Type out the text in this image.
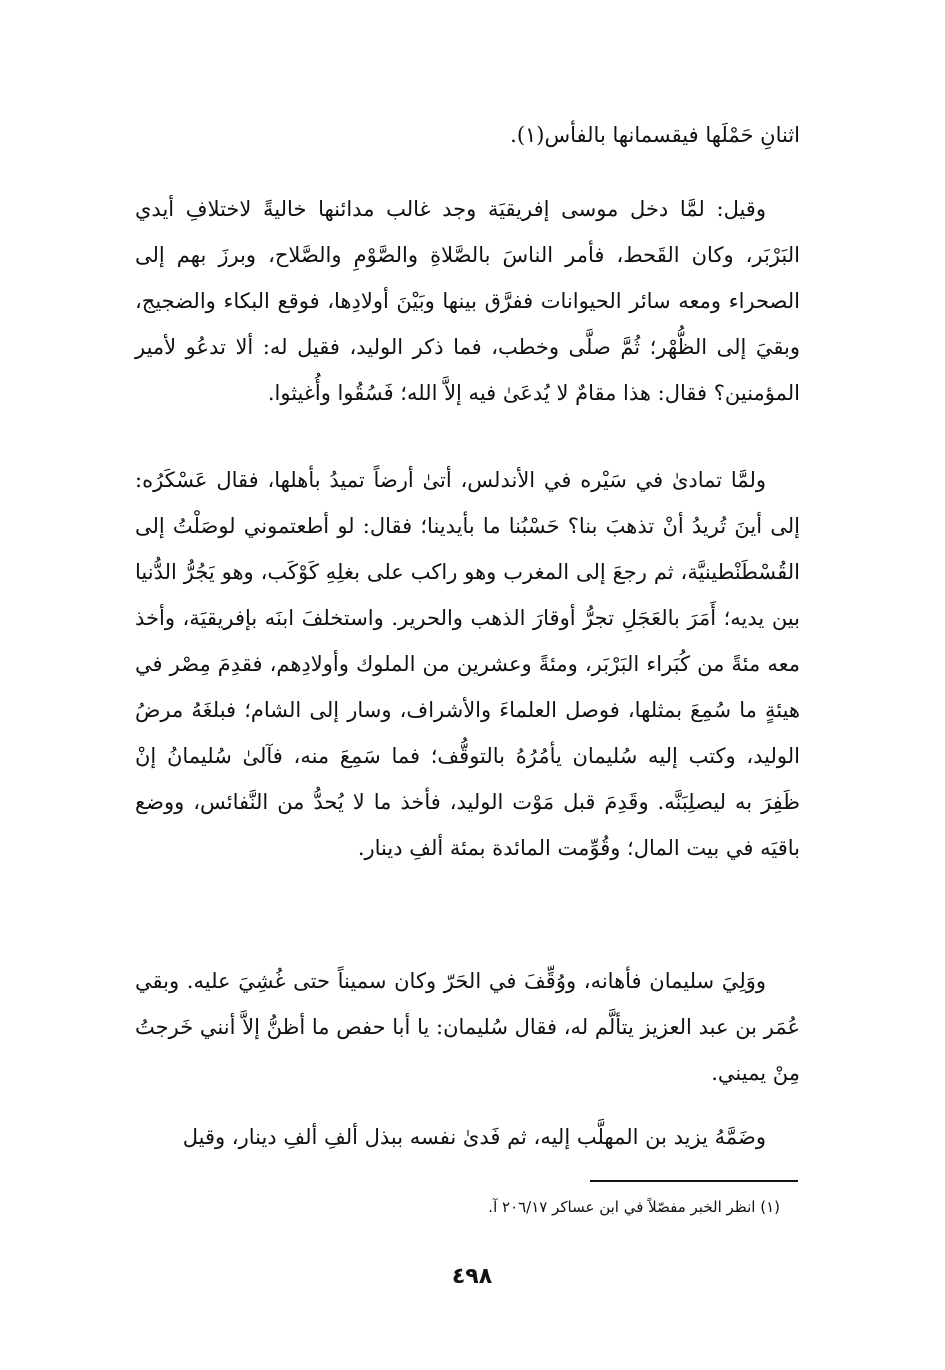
اثنانِ حَمْلَها فيقسمانها بالفأس(١).

وقيل: لمَّا دخل موسى إفريقيَة وجد غالب مدائنها خاليةً لاختلافِ أيدي البَرْبَر، وكان القَحط، فأمر الناسَ بالصَّلاةِ والصَّوْمِ والصَّلاح، وبرزَ بهم إلى الصحراء ومعه سائر الحيوانات ففرَّق بينها وبَيْنَ أولادِها، فوقع البكاء والضجيج، وبقيَ إلى الظُّهْر؛ ثُمَّ صلَّى وخطب، فما ذكر الوليد، فقيل له: ألا تدعُو لأمير المؤمنين؟ فقال: هذا مقامٌ لا يُدعَىٰ فيه إلاَّ الله؛ فَسُقُوا وأُغيثوا.

ولمَّا تمادىٰ في سَيْره في الأندلس، أتىٰ أرضاً تميدُ بأهلها، فقال عَسْكَرُه: إلى أينَ تُريدُ أنْ تذهبَ بنا؟ حَسْبُنا ما بأيدينا؛ فقال: لو أطعتموني لوصَلْتُ إلى القُسْطَنْطينيَّة، ثم رجعَ إلى المغرب وهو راكب على بغلِهِ كَوْكَب، وهو يَجُرُّ الدُّنيا بين يديه؛ أَمَرَ بالعَجَلِ تجرُّ أوقارَ الذهب والحرير. واستخلفَ ابنَه بإفريقيَة، وأخذ معه مئةً من كُبَراء البَرْبَر، ومئةً وعشرين من الملوك وأولادِهم، فقدِمَ مِصْر في هيئةٍ ما سُمِعَ بمثلها، فوصل العلماءَ والأشراف، وسار إلى الشام؛ فبلغَهُ مرضُ الوليد، وكتب إليه سُليمان يأمُرُهُ بالتوقُّف؛ فما سَمِعَ منه، فآلىٰ سُليمانُ إنْ ظَفِرَ به ليصلِبَنَّه. وقَدِمَ قبل مَوْت الوليد، فأخذ ما لا يُحدُّ من النَّفائس، ووضع باقيَه في بيت المال؛ وقُوِّمت المائدة بمئة ألفِ دينار.

ووَلِيَ سليمان فأهانه، ووُقِّفَ في الحَرّ وكان سميناً حتى غُشِيَ عليه. وبقي عُمَر بن عبد العزيز يتألَّم له، فقال سُليمان: يا أبا حفص ما أظنُّ إلاَّ أنني خَرجتُ مِنْ يميني.

وضَمَّهُ يزيد بن المهلَّب إليه، ثم فَدىٰ نفسه ببذل ألفِ ألفِ دينار، وقيل

(١) انظر الخبر مفصّلاً في ابن عساكر ٢٠٦/١٧ آ.
٤٩٨
